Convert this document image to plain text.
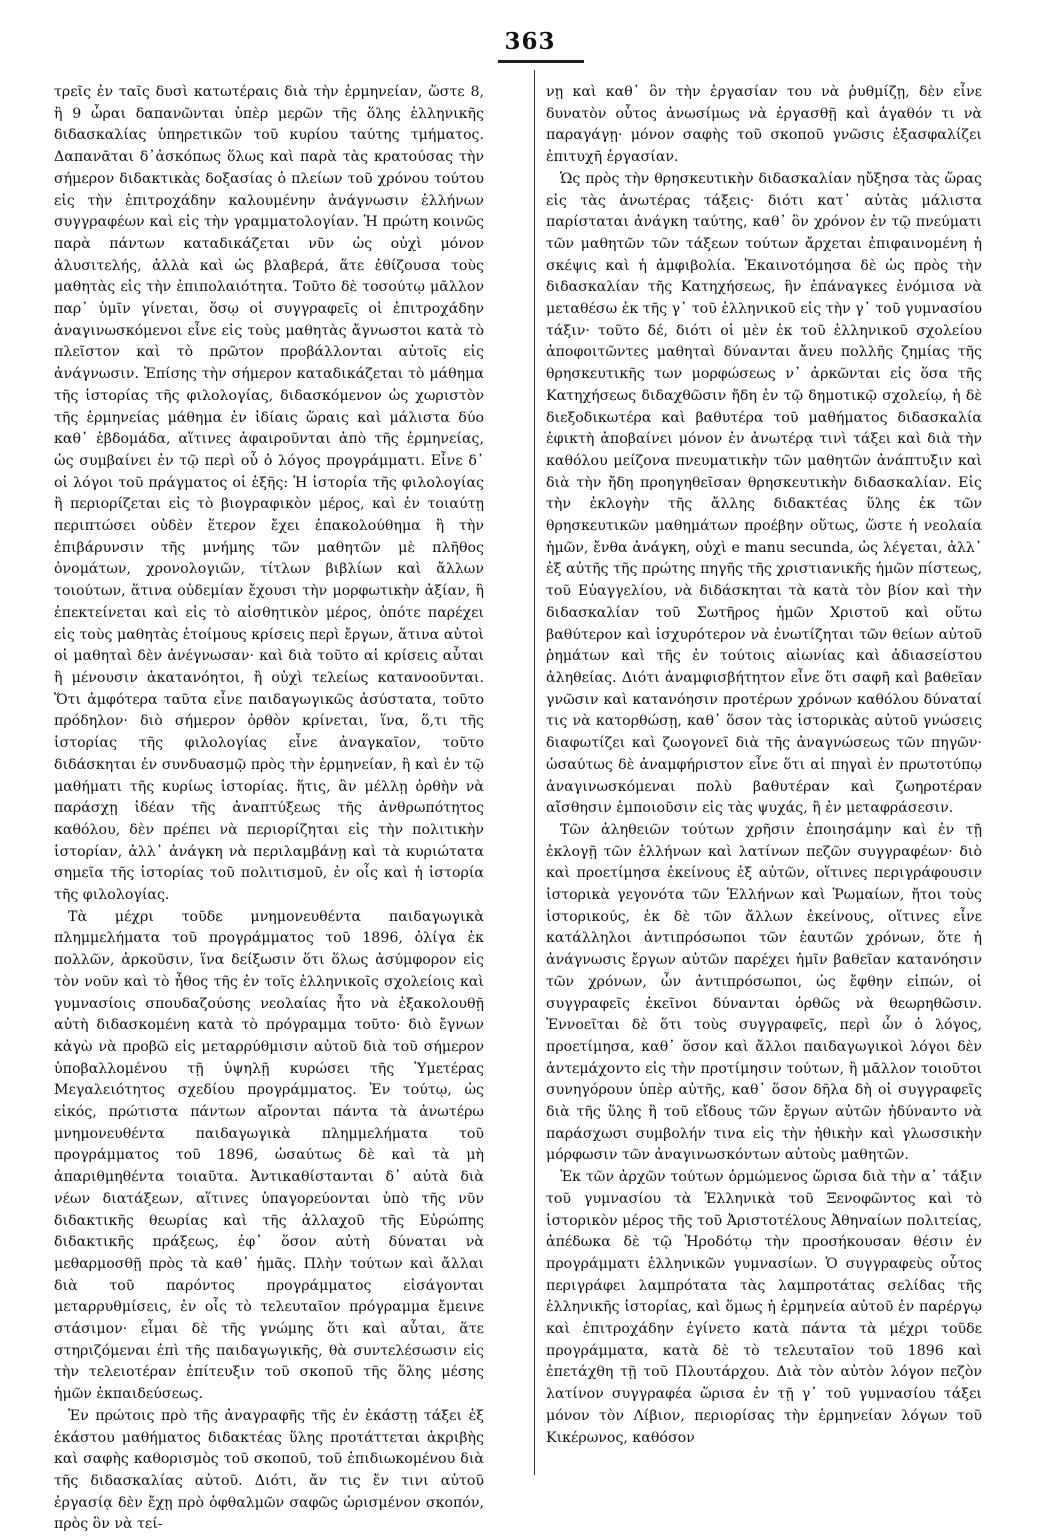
363

τρεῖς ἐν ταῖς δυσὶ κατωτέραις διὰ τὴν ἑρμηνείαν, ὥστε 8, ἢ 9 ὧραι δαπανῶνται ὑπὲρ μερῶν τῆς ὅλης ἑλληνικῆς διδασκαλίας ὑπηρετικῶν τοῦ κυρίου ταύτης τμήματος. Δαπανᾶται δ᾿ἀσκόπως ὅλως καὶ παρὰ τὰς κρατούσας τὴν σήμερον διδακτικὰς δοξασίας ὁ πλείων τοῦ χρόνου τούτου εἰς τὴν ἐπιτροχάδην καλουμένην ἀνάγνωσιν ἑλλήνων συγγραφέων καὶ εἰς τὴν γραμματολογίαν. Ἡ πρώτη κοινῶς παρὰ πάντων καταδικάζεται νῦν ὡς οὐχὶ μόνον ἀλυσιτελής, ἀλλὰ καὶ ὡς βλαβερά, ἅτε ἐθίζουσα τοὺς μαθητὰς εἰς τὴν ἐπιπολαιότητα. Τοῦτο δὲ τοσούτῳ μᾶλλον παρ᾿ ὑμῖν γίνεται, ὅσῳ οἱ συγγραφεῖς οἱ ἐπιτροχάδην ἀναγινωσκόμενοι εἶνε εἰς τοὺς μαθητὰς ἄγνωστοι κατὰ τὸ πλεῖστον καὶ τὸ πρῶτον προβάλλονται αὐτοῖς εἰς ἀνάγνωσιν. Ἐπίσης τὴν σήμερον καταδικάζεται τὸ μάθημα τῆς ἱστορίας τῆς φιλολογίας, διδασκόμενον ὡς χωριστὸν τῆς ἑρμηνείας μάθημα ἐν ἰδίαις ὥραις καὶ μάλιστα δύο καθ᾿ ἑβδομάδα, αἵτινες ἀφαιροῦνται ἀπὸ τῆς ἑρμηνείας, ὡς συμβαίνει ἐν τῷ περὶ οὗ ὁ λόγος προγράμματι. Εἶνε δ᾿ οἱ λόγοι τοῦ πράγματος οἱ ἑξῆς: Ἡ ἱστορία τῆς φιλολογίας ἢ περιορίζεται εἰς τὸ βιογραφικὸν μέρος, καὶ ἐν τοιαύτῃ περιπτώσει οὐδὲν ἕτερον ἔχει ἐπακολούθημα ἢ τὴν ἐπιβάρυνσιν τῆς μνήμης τῶν μαθητῶν μὲ πλῆθος ὀνομάτων, χρονολογιῶν, τίτλων βιβλίων καὶ ἄλλων τοιούτων, ἅτινα οὐδεμίαν ἔχουσι τὴν μορφωτικὴν ἀξίαν, ἢ ἐπεκτείνεται καὶ εἰς τὸ αἰσθητικὸν μέρος, ὁπότε παρέχει εἰς τοὺς μαθητὰς ἑτοίμους κρίσεις περὶ ἔργων, ἅτινα αὐτοὶ οἱ μαθηταὶ δὲν ἀνέγνωσαν· καὶ διὰ τοῦτο αἱ κρίσεις αὗται ἢ μένουσιν ἀκατανόητοι, ἢ οὐχὶ τελείως κατανοοῦνται. Ὅτι ἀμφότερα ταῦτα εἶνε παιδαγωγικῶς ἀσύστατα, τοῦτο πρόδηλον· διὸ σήμερον ὀρθὸν κρίνεται, ἵνα, ὅ,τι τῆς ἱστορίας τῆς φιλολογίας εἶνε ἀναγκαῖον, τοῦτο διδάσκηται ἐν συνδυασμῷ πρὸς τὴν ἑρμηνείαν, ἢ καὶ ἐν τῷ μαθήματι τῆς κυρίως ἱστορίας. ἥτις, ἂν μέλλῃ ὀρθὴν νὰ παράσχῃ ἰδέαν τῆς ἀναπτύξεως τῆς ἀνθρωπότητος καθόλου, δὲν πρέπει νὰ περιορίζηται εἰς τὴν πολιτικὴν ἱστορίαν, ἀλλ᾿ ἀνάγκη νὰ περιλαμβάνῃ καὶ τὰ κυριώτατα σημεῖα τῆς ἱστορίας τοῦ πολιτισμοῦ, ἐν οἷς καὶ ἡ ἱστορία τῆς φιλολογίας.

Τὰ μέχρι τοῦδε μνημονευθέντα παιδαγωγικὰ πλημμελήματα τοῦ προγράμματος τοῦ 1896, ὀλίγα ἐκ πολλῶν, ἀρκοῦσιν, ἵνα δείξωσιν ὅτι ὅλως ἀσύμφορον εἰς τὸν νοῦν καὶ τὸ ἦθος τῆς ἐν τοῖς ἑλληνικοῖς σχολείοις καὶ γυμνασίοις σπουδαζούσης νεολαίας ἦτο νὰ ἐξακολουθῇ αὐτὴ διδασκομένη κατὰ τὸ πρόγραμμα τοῦτο· διὸ ἔγνων κἀγὼ νὰ προβῶ εἰς μεταρρύθμισιν αὐτοῦ διὰ τοῦ σήμερον ὑποβαλλομένου τῇ ὑψηλῇ κυρώσει τῆς Ὑμετέρας Μεγαλειότητος σχεδίου προγράμματος. Ἐν τούτῳ, ὡς εἰκός, πρώτιστα πάντων αἴρονται πάντα τὰ ἀνωτέρω μνημονευθέντα παιδαγωγικὰ πλημμελήματα τοῦ προγράμματος τοῦ 1896, ὡσαύτως δὲ καὶ τὰ μὴ ἀπαριθμηθέντα τοιαῦτα. Ἀντικαθίστανται δ᾿ αὐτὰ διὰ νέων διατάξεων, αἵτινες ὑπαγορεύονται ὑπὸ τῆς νῦν διδακτικῆς θεωρίας καὶ τῆς ἀλλαχοῦ τῆς Εὐρώπης διδακτικῆς πράξεως, ἐφ᾿ ὅσον αὐτὴ δύναται νὰ μεθαρμοσθῇ πρὸς τὰ καθ᾿ ἡμᾶς. Πλὴν τούτων καὶ ἄλλαι διὰ τοῦ παρόντος προγράμματος εἰσάγονται μεταρρυθμίσεις, ἐν οἷς τὸ τελευταῖον πρόγραμμα ἔμεινε στάσιμον· εἶμαι δὲ τῆς γνώμης ὅτι καὶ αὗται, ἅτε στηριζόμεναι ἐπὶ τῆς παιδαγωγικῆς, θὰ συντελέσωσιν εἰς τὴν τελειοτέραν ἐπίτευξιν τοῦ σκοποῦ τῆς ὅλης μέσης ἡμῶν ἐκπαιδεύσεως.

Ἐν πρώτοις πρὸ τῆς ἀναγραφῆς τῆς ἐν ἑκάστῃ τάξει ἐξ ἑκάστου μαθήματος διδακτέας ὕλης προτάττεται ἀκριβὴς καὶ σαφὴς καθορισμὸς τοῦ σκοποῦ, τοῦ ἐπιδιωκομένου διὰ τῆς διδασκαλίας αὐτοῦ. Διότι, ἄν τις ἔν τινι αὐτοῦ ἐργασίᾳ δὲν ἔχῃ πρὸ ὀφθαλμῶν σαφῶς ὡρισμένον σκοπόν, πρὸς ὃν νὰ τεί-

νῃ καὶ καθ᾿ ὃν τὴν ἐργασίαν του νὰ ῥυθμίζῃ, δὲν εἶνε δυνατὸν οὗτος ἀνωσίμως νὰ ἐργασθῇ καὶ ἀγαθόν τι νὰ παραγάγῃ· μόνον σαφὴς τοῦ σκοποῦ γνῶσις ἐξασφαλίζει ἐπιτυχῆ ἐργασίαν.

Ὡς πρὸς τὴν θρησκευτικὴν διδασκαλίαν ηὔξησα τὰς ὥρας εἰς τὰς ἀνωτέρας τάξεις· διότι κατ᾿ αὐτὰς μάλιστα παρίσταται ἀνάγκη ταύτης, καθ᾿ ὃν χρόνον ἐν τῷ πνεύματι τῶν μαθητῶν τῶν τάξεων τούτων ἄρχεται ἐπιφαινομένη ἡ σκέψις καὶ ἡ ἀμφιβολία. Ἐκαινοτόμησα δὲ ὡς πρὸς τὴν διδασκαλίαν τῆς Κατηχήσεως, ἣν ἐπάναγκες ἐνόμισα νὰ μεταθέσω ἐκ τῆς γ᾿ τοῦ ἑλληνικοῦ εἰς τὴν γ᾿ τοῦ γυμνασίου τάξιν· τοῦτο δέ, διότι οἱ μὲν ἐκ τοῦ ἑλληνικοῦ σχολείου ἀποφοιτῶντες μαθηταὶ δύνανται ἄνευ πολλῆς ζημίας τῆς θρησκευτικῆς των μορφώσεως ν᾿ ἀρκῶνται εἰς ὅσα τῆς Κατηχήσεως διδαχθῶσιν ἤδη ἐν τῷ δημοτικῷ σχολείῳ, ἡ δὲ διεξοδικωτέρα καὶ βαθυτέρα τοῦ μαθήματος διδασκαλία ἐφικτὴ ἀποβαίνει μόνον ἐν ἀνωτέρᾳ τινὶ τάξει καὶ διὰ τὴν καθόλου μείζονα πνευματικὴν τῶν μαθητῶν ἀνάπτυξιν καὶ διὰ τὴν ἤδη προηγηθεῖσαν θρησκευτικὴν διδασκαλίαν. Εἰς τὴν ἐκλογὴν τῆς ἄλλης διδακτέας ὕλης ἐκ τῶν θρησκευτικῶν μαθημάτων προέβην οὕτως, ὥστε ἡ νεολαία ἡμῶν, ἔνθα ἀνάγκη, οὐχὶ e manu secunda, ὡς λέγεται, ἀλλ᾿ ἐξ αὐτῆς τῆς πρώτης πηγῆς τῆς χριστιανικῆς ἡμῶν πίστεως, τοῦ Εὐαγγελίου, νὰ διδάσκηται τὰ κατὰ τὸν βίον καὶ τὴν διδασκαλίαν τοῦ Σωτῆρος ἡμῶν Χριστοῦ καὶ οὕτω βαθύτερον καὶ ἰσχυρότερον νὰ ἐνωτίζηται τῶν θείων αὐτοῦ ῥημάτων καὶ τῆς ἐν τούτοις αἰωνίας καὶ ἀδιασείστου ἀληθείας. Διότι ἀναμφισβήτητον εἶνε ὅτι σαφῆ καὶ βαθεῖαν γνῶσιν καὶ κατανόησιν προτέρων χρόνων καθόλου δύναταί τις νὰ κατορθώσῃ, καθ᾿ ὅσον τὰς ἱστορικὰς αὐτοῦ γνώσεις διαφωτίζει καὶ ζωογονεῖ διὰ τῆς ἀναγνώσεως τῶν πηγῶν· ὡσαύτως δὲ ἀναμφήριστον εἶνε ὅτι αἱ πηγαὶ ἐν πρωτοτύπῳ ἀναγινωσκόμεναι πολὺ βαθυτέραν καὶ ζωηροτέραν αἴσθησιν ἐμποιοῦσιν εἰς τὰς ψυχάς, ἢ ἐν μεταφράσεσιν.

Τῶν ἀληθειῶν τούτων χρῆσιν ἐποιησάμην καὶ ἐν τῇ ἐκλογῇ τῶν ἑλλήνων καὶ λατίνων πεζῶν συγγραφέων· διὸ καὶ προετίμησα ἐκείνους ἐξ αὐτῶν, οἵτινες περιγράφουσιν ἱστορικὰ γεγονότα τῶν Ἑλλήνων καὶ Ῥωμαίων, ἤτοι τοὺς ἱστορικούς, ἐκ δὲ τῶν ἄλλων ἐκείνους, οἵτινες εἶνε κατάλληλοι ἀντιπρόσωποι τῶν ἑαυτῶν χρόνων, ὅτε ἡ ἀνάγνωσις ἔργων αὐτῶν παρέχει ἡμῖν βαθεῖαν κατανόησιν τῶν χρόνων, ὧν ἀντιπρόσωποι, ὡς ἔφθην εἰπών, οἱ συγγραφεῖς ἐκεῖνοι δύνανται ὀρθῶς νὰ θεωρηθῶσιν. Ἐννοεῖται δὲ ὅτι τοὺς συγγραφεῖς, περὶ ὧν ὁ λόγος, προετίμησα, καθ᾿ ὅσον καὶ ἄλλοι παιδαγωγικοὶ λόγοι δὲν ἀντεμάχοντο εἰς τὴν προτίμησιν τούτων, ἢ μᾶλλον τοιοῦτοι συνηγόρουν ὑπὲρ αὐτῆς, καθ᾿ ὅσον δῆλα δὴ οἱ συγγραφεῖς διὰ τῆς ὕλης ἢ τοῦ εἴδους τῶν ἔργων αὐτῶν ἠδύναντο νὰ παράσχωσι συμβολήν τινα εἰς τὴν ἠθικὴν καὶ γλωσσικὴν μόρφωσιν τῶν ἀναγινωσκόντων αὐτοὺς μαθητῶν.

Ἐκ τῶν ἀρχῶν τούτων ὁρμώμενος ὥρισα διὰ τὴν α᾿ τάξιν τοῦ γυμνασίου τὰ Ἑλληνικὰ τοῦ Ξενοφῶντος καὶ τὸ ἱστορικὸν μέρος τῆς τοῦ Ἀριστοτέλους Ἀθηναίων πολιτείας, ἀπέδωκα δὲ τῷ Ἡροδότῳ τὴν προσήκουσαν θέσιν ἐν προγράμματι ἑλληνικῶν γυμνασίων. Ὁ συγγραφεὺς οὗτος περιγράφει λαμπρότατα τὰς λαμπροτάτας σελίδας τῆς ἑλληνικῆς ἱστορίας, καὶ ὅμως ἡ ἑρμηνεία αὐτοῦ ἐν παρέργῳ καὶ ἐπιτροχάδην ἐγίνετο κατὰ πάντα τὰ μέχρι τοῦδε προγράμματα, κατὰ δὲ τὸ τελευταῖον τοῦ 1896 καὶ ἐπετάχθη τῇ τοῦ Πλουτάρχου. Διὰ τὸν αὐτὸν λόγον πεζὸν λατίνον συγγραφέα ὥρισα ἐν τῇ γ᾿ τοῦ γυμνασίου τάξει μόνον τὸν Λίβιον, περιορίσας τὴν ἑρμηνείαν λόγων τοῦ Κικέρωνος, καθόσον
